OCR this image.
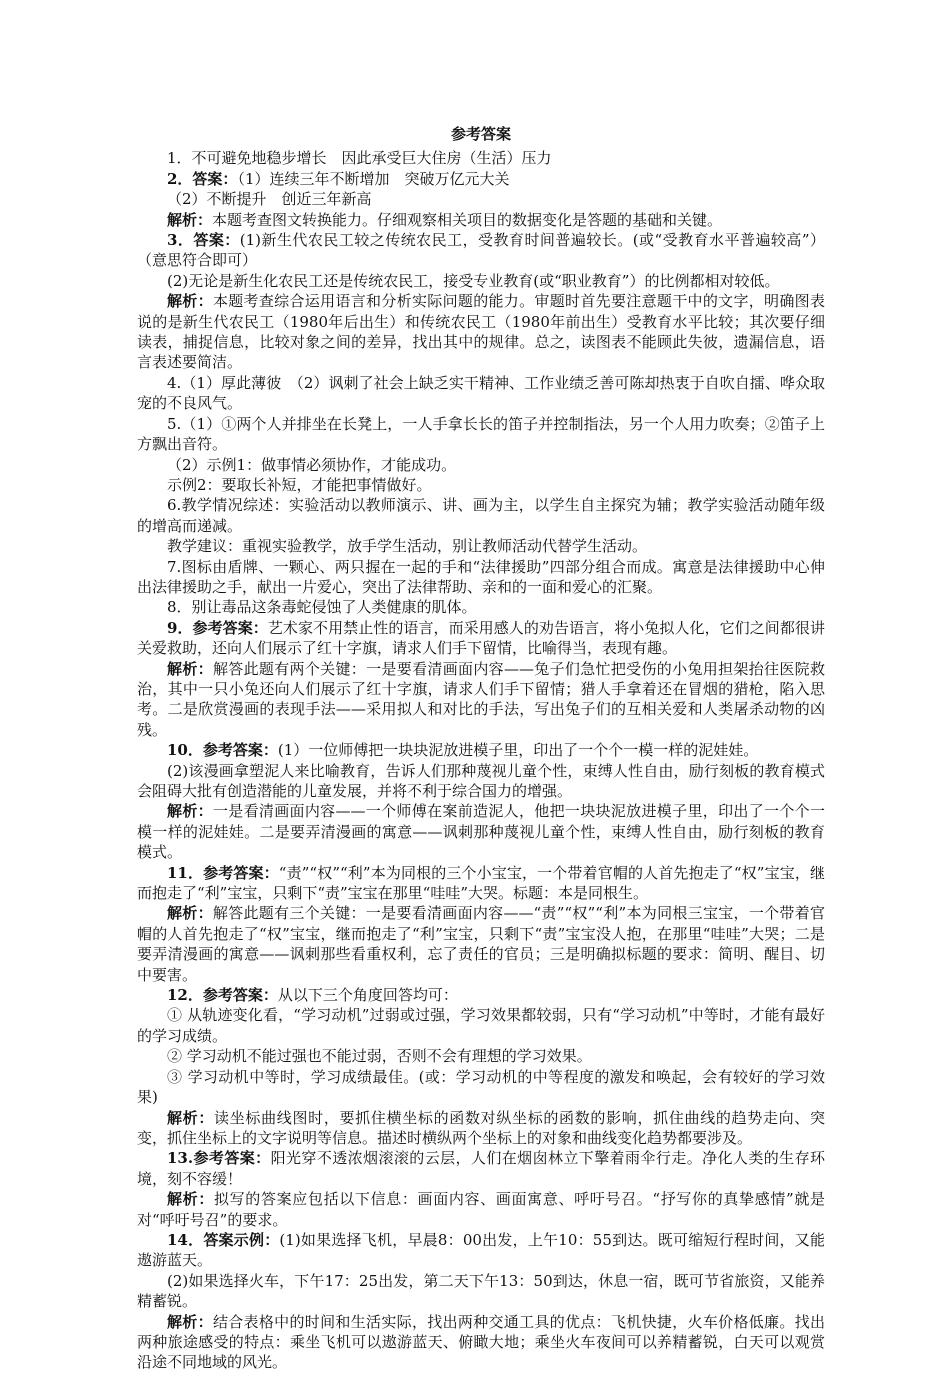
参考答案

1．不可避免地稳步增长　因此承受巨大住房（生活）压力

2．答案：（1）连续三年不断增加　突破万亿元大关

（2）不断提升　创近三年新高

解析：本题考查图文转换能力。仔细观察相关项目的数据变化是答题的基础和关键。

3．答案：(1)新生代农民工较之传统农民工，受教育时间普遍较长。(或“受教育水平普遍较高”）（意思符合即可）

(2)无论是新生化农民工还是传统农民工，接受专业教育(或“职业教育”）的比例都相对较低。

解析：本题考查综合运用语言和分析实际问题的能力。审题时首先要注意题干中的文字，明确图表说的是新生代农民工（1980年后出生）和传统农民工（1980年前出生）受教育水平比较；其次要仔细读表，捕捉信息，比较对象之间的差异，找出其中的规律。总之，读图表不能顾此失彼，遗漏信息，语言表述要简洁。

4.（1）厚此薄彼　（2）讽刺了社会上缺乏实干精神、工作业绩乏善可陈却热衷于自吹自擂、哗众取宠的不良风气。

5.（1）①两个人并排坐在长凳上，一人手拿长长的笛子并控制指法，另一个人用力吹奏；②笛子上方飘出音符。

（2）示例1：做事情必须协作，才能成功。

示例2：要取长补短，才能把事情做好。

6.教学情况综述：实验活动以教师演示、讲、画为主，以学生自主探究为辅；教学实验活动随年级的增高而递减。

教学建议：重视实验教学，放手学生活动，别让教师活动代替学生活动。

7.图标由盾牌、一颗心、两只握在一起的手和“法律援助”四部分组合而成。寓意是法律援助中心伸出法律援助之手，献出一片爱心，突出了法律帮助、亲和的一面和爱心的汇聚。

8．别让毒品这条毒蛇侵蚀了人类健康的肌体。

9．参考答案：艺术家不用禁止性的语言，而采用感人的劝告语言，将小兔拟人化，它们之间都很讲关爱救助，还向人们展示了红十字旗，请求人们手下留情，比喻得当，表现有趣。

解析：解答此题有两个关键：一是要看清画面内容——兔子们急忙把受伤的小兔用担架抬往医院救治，其中一只小兔还向人们展示了红十字旗，请求人们手下留情；猎人手拿着还在冒烟的猎枪，陷入思考。二是欣赏漫画的表现手法——采用拟人和对比的手法，写出兔子们的互相关爱和人类屠杀动物的凶残。

10．参考答案：(1）一位师傅把一块块泥放进模子里，印出了一个个一模一样的泥娃娃。

(2)该漫画拿塑泥人来比喻教育，告诉人们那种蔑视儿童个性，束缚人性自由，励行刻板的教育模式会阻碍大批有创造潜能的儿童发展，并将不利于综合国力的增强。

解析：一是看清画面内容——一个师傅在案前造泥人，他把一块块泥放进模子里，印出了一个个一模一样的泥娃娃。二是要弄清漫画的寓意——讽刺那种蔑视儿童个性，束缚人性自由，励行刻板的教育模式。

11．参考答案：“责”“权”“利”本为同根的三个小宝宝，一个带着官帽的人首先抱走了“权”宝宝，继而抱走了“利”宝宝，只剩下“责”宝宝在那里“哇哇”大哭。标题：本是同根生。

解析：解答此题有三个关键：一是要看清画面内容——“责”“权”“利”本为同根三宝宝，一个带着官帽的人首先抱走了“权”宝宝，继而抱走了“利”宝宝，只剩下“责”宝宝没人抱，在那里“哇哇”大哭；二是要弄清漫画的寓意——讽刺那些看重权利，忘了责任的官员；三是明确拟标题的要求：简明、醒目、切中要害。

12．参考答案：从以下三个角度回答均可：

① 从轨迹变化看，“学习动机”过弱或过强，学习效果都较弱，只有“学习动机”中等时，才能有最好的学习成绩。

② 学习动机不能过强也不能过弱，否则不会有理想的学习效果。

③ 学习动机中等时，学习成绩最佳。(或：学习动机的中等程度的激发和唤起，会有较好的学习效果)

解析：读坐标曲线图时，要抓住横坐标的函数对纵坐标的函数的影响，抓住曲线的趋势走向、突变，抓住坐标上的文字说明等信息。描述时横纵两个坐标上的对象和曲线变化趋势都要涉及。

13.参考答案：阳光穿不透浓烟滚滚的云层，人们在烟囱林立下擎着雨伞行走。净化人类的生存环境，刻不容缓！

解析：拟写的答案应包括以下信息：画面内容、画面寓意、呼吁号召。“抒写你的真挚感情”就是对“呼吁号召”的要求。

14．答案示例：(1)如果选择飞机，早晨8：00出发，上午10：55到达。既可缩短行程时间，又能遨游蓝天。

(2)如果选择火车，下午17：25出发，第二天下午13：50到达，休息一宿，既可节省旅资，又能养精蓄锐。

解析：结合表格中的时间和生活实际，找出两种交通工具的优点：飞机快捷，火车价格低廉。找出两种旅途感受的特点：乘坐飞机可以遨游蓝天、俯瞰大地；乘坐火车夜间可以养精蓄锐，白天可以观赏沿途不同地域的风光。
